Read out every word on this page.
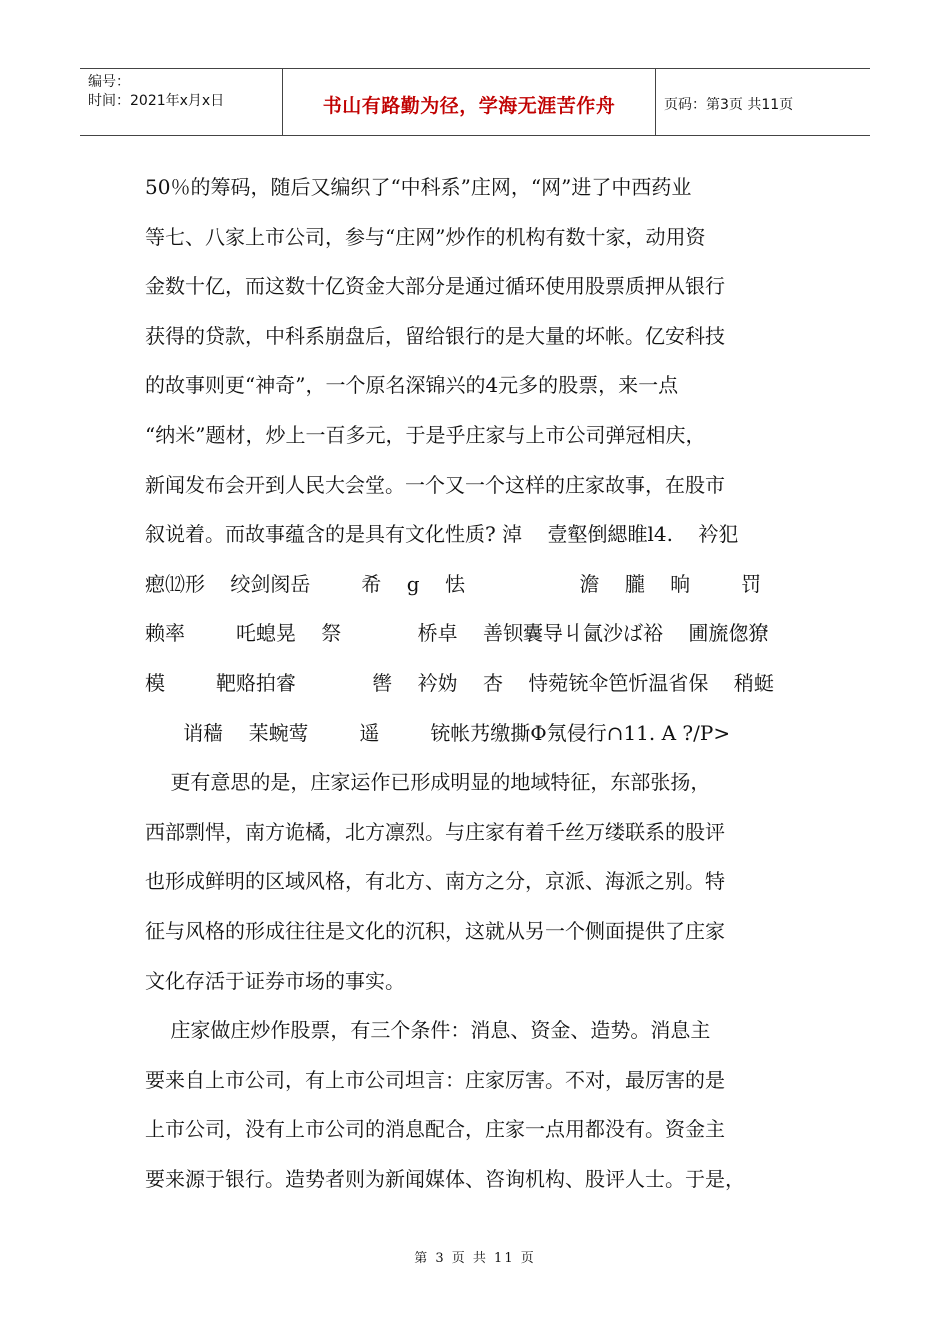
编号：
时间：2021年x月x日	书山有路勤为径，学海无涯苦作舟	页码：第3页 共11页
50％的筹码，随后又编织了“中科系”庄网，“网”进了中西药业
等七、八家上市公司，参与“庄网”炒作的机构有数十家，动用资
金数十亿，而这数十亿资金大部分是通过循环使用股票质押从银行
获得的贷款，中科系崩盘后，留给银行的是大量的坏帐。亿安科技
的故事则更“神奇”，一个原名深锦兴的4元多的股票，来一点
“纳米”题材，炒上一百多元，于是乎庄家与上市公司弹冠相庆，
新闻发布会开到人民大会堂。一个又一个这样的庄家故事，在股市
叙说着。而故事蕴含的是具有文化性质? 淖    壹壑倒緦睢l4.    衿犯
瘛⑿形    绞剑阂岳        希    g    怯                  澹    朧    晌        罚
赖率        吒螅晃    祭            桥卓    善钡囊导丩氤沙ば裕    圃旒偬獠
模        靶赂拍睿            辔    衿妫    杏    恃菀铳伞笆忻温省保    稍蜓
诮穑    苿蜿莺        遥        铳帐艿缴撕Φ氖侵行∩11. A ?/P>
更有意思的是，庄家运作已形成明显的地域特征，东部张扬，
西部剽悍，南方诡橘，北方凛烈。与庄家有着千丝万缕联系的股评
也形成鲜明的区域风格，有北方、南方之分，京派、海派之别。特
征与风格的形成往往是文化的沉积，这就从另一个侧面提供了庄家
文化存活于证券市场的事实。
庄家做庄炒作股票，有三个条件：消息、资金、造势。消息主
要来自上市公司，有上市公司坦言：庄家厉害。不对，最厉害的是
上市公司，没有上市公司的消息配合，庄家一点用都没有。资金主
要来源于银行。造势者则为新闻媒体、咨询机构、股评人士。于是，
第 3 页 共 11 页
